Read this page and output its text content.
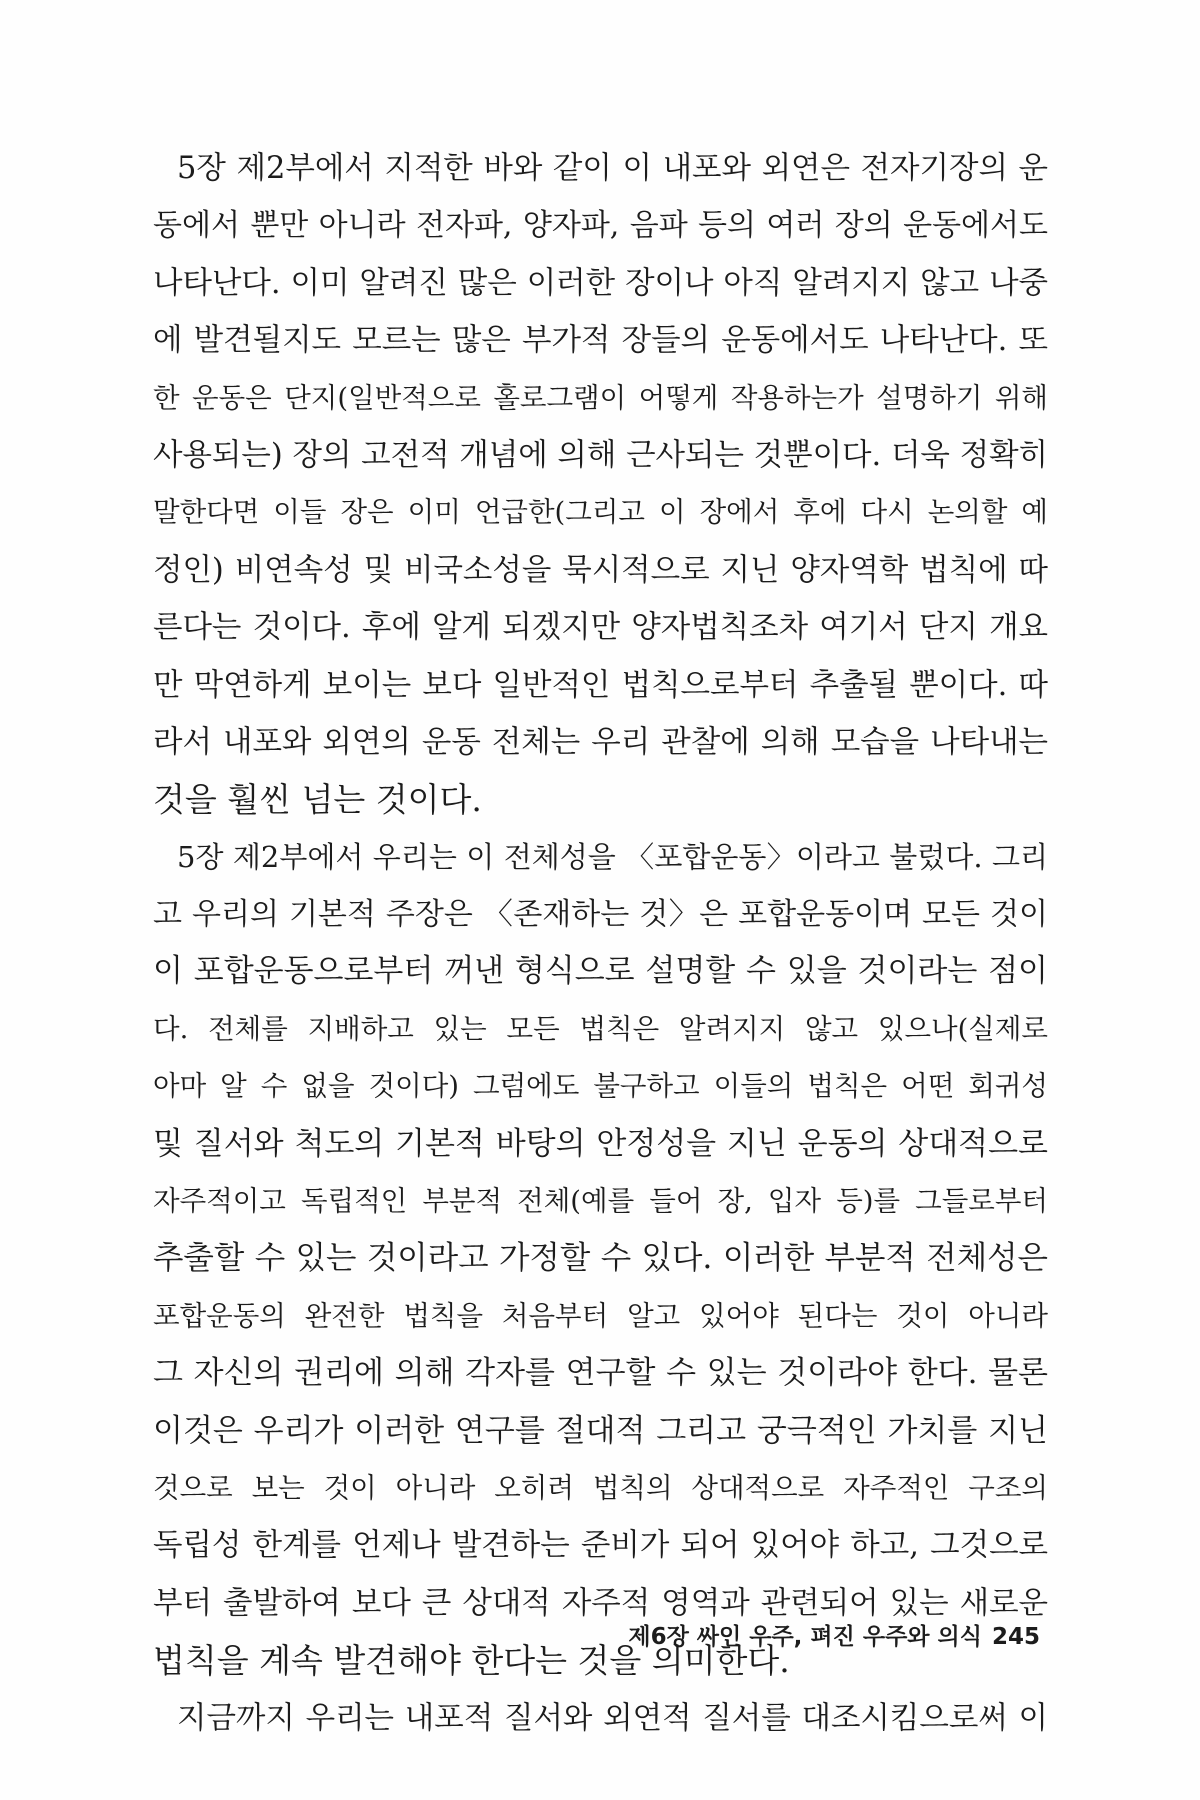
5장 제2부에서 지적한 바와 같이 이 내포와 외연은 전자기장의 운
동에서 뿐만 아니라 전자파, 양자파, 음파 등의 여러 장의 운동에서도
나타난다. 이미 알려진 많은 이러한 장이나 아직 알려지지 않고 나중
에 발견될지도 모르는 많은 부가적 장들의 운동에서도 나타난다. 또
한 운동은 단지(일반적으로 홀로그램이 어떻게 작용하는가 설명하기 위해
사용되는) 장의 고전적 개념에 의해 근사되는 것뿐이다. 더욱 정확히
말한다면 이들 장은 이미 언급한(그리고 이 장에서 후에 다시 논의할 예
정인) 비연속성 및 비국소성을 묵시적으로 지닌 양자역학 법칙에 따
른다는 것이다. 후에 알게 되겠지만 양자법칙조차 여기서 단지 개요
만 막연하게 보이는 보다 일반적인 법칙으로부터 추출될 뿐이다. 따
라서 내포와 외연의 운동 전체는 우리 관찰에 의해 모습을 나타내는
것을 훨씬 넘는 것이다.
5장 제2부에서 우리는 이 전체성을 〈포합운동〉이라고 불렀다. 그리
고 우리의 기본적 주장은 〈존재하는 것〉은 포합운동이며 모든 것이
이 포합운동으로부터 꺼낸 형식으로 설명할 수 있을 것이라는 점이
다. 전체를 지배하고 있는 모든 법칙은 알려지지 않고 있으나(실제로
아마 알 수 없을 것이다) 그럼에도 불구하고 이들의 법칙은 어떤 회귀성
및 질서와 척도의 기본적 바탕의 안정성을 지닌 운동의 상대적으로
자주적이고 독립적인 부분적 전체(예를 들어 장, 입자 등)를 그들로부터
추출할 수 있는 것이라고 가정할 수 있다. 이러한 부분적 전체성은
포합운동의 완전한 법칙을 처음부터 알고 있어야 된다는 것이 아니라
그 자신의 권리에 의해 각자를 연구할 수 있는 것이라야 한다. 물론
이것은 우리가 이러한 연구를 절대적 그리고 궁극적인 가치를 지닌
것으로 보는 것이 아니라 오히려 법칙의 상대적으로 자주적인 구조의
독립성 한계를 언제나 발견하는 준비가 되어 있어야 하고, 그것으로
부터 출발하여 보다 큰 상대적 자주적 영역과 관련되어 있는 새로운
법칙을 계속 발견해야 한다는 것을 의미한다.
지금까지 우리는 내포적 질서와 외연적 질서를 대조시킴으로써 이
제6장 싸인 우주, 펴진 우주와 의식 245
